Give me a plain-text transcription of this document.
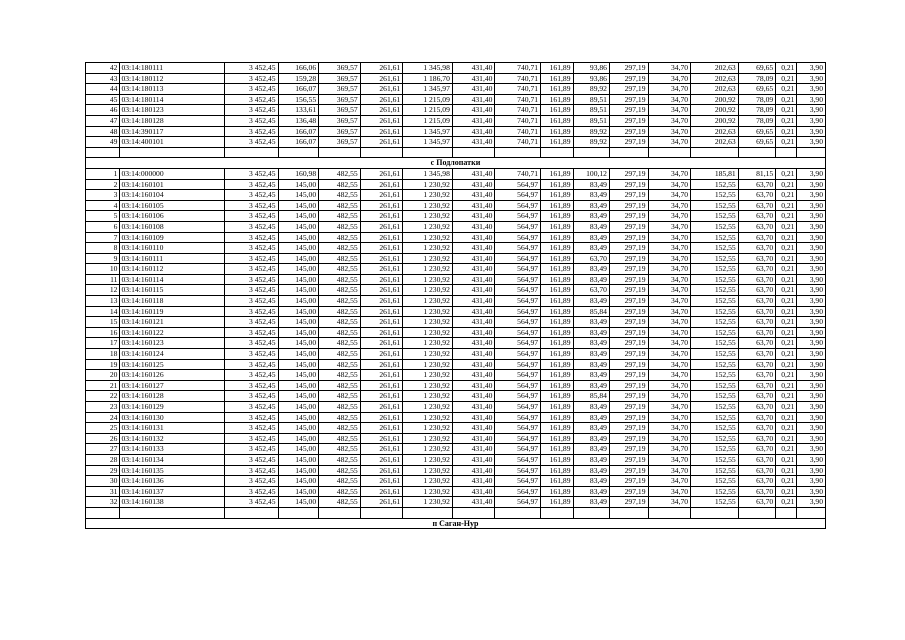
42	03:14:180111	3 452,45	166,06	369,57	261,61	1 345,98	431,40	740,71	161,89	93,86	297,19	34,70	202,63	69,65	0,21	3,90
43	03:14:180112	3 452,45	159,28	369,57	261,61	1 186,70	431,40	740,71	161,89	93,86	297,19	34,70	202,63	78,09	0,21	3,90
44	03:14:180113	3 452,45	166,07	369,57	261,61	1 345,97	431,40	740,71	161,89	89,92	297,19	34,70	202,63	69,65	0,21	3,90
45	03:14:180114	3 452,45	156,55	369,57	261,61	1 215,09	431,40	740,71	161,89	89,51	297,19	34,70	200,92	78,09	0,21	3,90
46	03:14:180123	3 452,45	133,61	369,57	261,61	1 215,09	431,40	740,71	161,89	89,51	297,19	34,70	200,92	78,09	0,21	3,90
47	03:14:180128	3 452,45	136,48	369,57	261,61	1 215,09	431,40	740,71	161,89	89,51	297,19	34,70	200,92	78,09	0,21	3,90
48	03:14:390117	3 452,45	166,07	369,57	261,61	1 345,97	431,40	740,71	161,89	89,92	297,19	34,70	202,63	69,65	0,21	3,90
49	03:14:400101	3 452,45	166,07	369,57	261,61	1 345,97	431,40	740,71	161,89	89,92	297,19	34,70	202,63	69,65	0,21	3,90

с Подлопатки																
1	03:14:000000	3 452,45	160,98	482,55	261,61	1 345,98	431,40	740,71	161,89	100,12	297,19	34,70	185,81	81,15	0,21	3,90
2	03:14:160101	3 452,45	145,00	482,55	261,61	1 230,92	431,40	564,97	161,89	83,49	297,19	34,70	152,55	63,70	0,21	3,90
3	03:14:160104	3 452,45	145,00	482,55	261,61	1 230,92	431,40	564,97	161,89	83,49	297,19	34,70	152,55	63,70	0,21	3,90
4	03:14:160105	3 452,45	145,00	482,55	261,61	1 230,92	431,40	564,97	161,89	83,49	297,19	34,70	152,55	63,70	0,21	3,90
5	03:14:160106	3 452,45	145,00	482,55	261,61	1 230,92	431,40	564,97	161,89	83,49	297,19	34,70	152,55	63,70	0,21	3,90
6	03:14:160108	3 452,45	145,00	482,55	261,61	1 230,92	431,40	564,97	161,89	83,49	297,19	34,70	152,55	63,70	0,21	3,90
7	03:14:160109	3 452,45	145,00	482,55	261,61	1 230,92	431,40	564,97	161,89	83,49	297,19	34,70	152,55	63,70	0,21	3,90
8	03:14:160110	3 452,45	145,00	482,55	261,61	1 230,92	431,40	564,97	161,89	83,49	297,19	34,70	152,55	63,70	0,21	3,90
9	03:14:160111	3 452,45	145,00	482,55	261,61	1 230,92	431,40	564,97	161,89	63,70	297,19	34,70	152,55	63,70	0,21	3,90
10	03:14:160112	3 452,45	145,00	482,55	261,61	1 230,92	431,40	564,97	161,89	83,49	297,19	34,70	152,55	63,70	0,21	3,90
11	03:14:160114	3 452,45	145,00	482,55	261,61	1 230,92	431,40	564,97	161,89	83,49	297,19	34,70	152,55	63,70	0,21	3,90
12	03:14:160115	3 452,45	145,00	482,55	261,61	1 230,92	431,40	564,97	161,89	63,70	297,19	34,70	152,55	63,70	0,21	3,90
13	03:14:160118	3 452,45	145,00	482,55	261,61	1 230,92	431,40	564,97	161,89	83,49	297,19	34,70	152,55	63,70	0,21	3,90
14	03:14:160119	3 452,45	145,00	482,55	261,61	1 230,92	431,40	564,97	161,89	85,84	297,19	34,70	152,55	63,70	0,21	3,90
15	03:14:160121	3 452,45	145,00	482,55	261,61	1 230,92	431,40	564,97	161,89	83,49	297,19	34,70	152,55	63,70	0,21	3,90
16	03:14:160122	3 452,45	145,00	482,55	261,61	1 230,92	431,40	564,97	161,89	83,49	297,19	34,70	152,55	63,70	0,21	3,90
17	03:14:160123	3 452,45	145,00	482,55	261,61	1 230,92	431,40	564,97	161,89	83,49	297,19	34,70	152,55	63,70	0,21	3,90
18	03:14:160124	3 452,45	145,00	482,55	261,61	1 230,92	431,40	564,97	161,89	83,49	297,19	34,70	152,55	63,70	0,21	3,90
19	03:14:160125	3 452,45	145,00	482,55	261,61	1 230,92	431,40	564,97	161,89	83,49	297,19	34,70	152,55	63,70	0,21	3,90
20	03:14:160126	3 452,45	145,00	482,55	261,61	1 230,92	431,40	564,97	161,89	83,49	297,19	34,70	152,55	63,70	0,21	3,90
21	03:14:160127	3 452,45	145,00	482,55	261,61	1 230,92	431,40	564,97	161,89	83,49	297,19	34,70	152,55	63,70	0,21	3,90
22	03:14:160128	3 452,45	145,00	482,55	261,61	1 230,92	431,40	564,97	161,89	85,84	297,19	34,70	152,55	63,70	0,21	3,90
23	03:14:160129	3 452,45	145,00	482,55	261,61	1 230,92	431,40	564,97	161,89	83,49	297,19	34,70	152,55	63,70	0,21	3,90
24	03:14:160130	3 452,45	145,00	482,55	261,61	1 230,92	431,40	564,97	161,89	83,49	297,19	34,70	152,55	63,70	0,21	3,90
25	03:14:160131	3 452,45	145,00	482,55	261,61	1 230,92	431,40	564,97	161,89	83,49	297,19	34,70	152,55	63,70	0,21	3,90
26	03:14:160132	3 452,45	145,00	482,55	261,61	1 230,92	431,40	564,97	161,89	83,49	297,19	34,70	152,55	63,70	0,21	3,90
27	03:14:160133	3 452,45	145,00	482,55	261,61	1 230,92	431,40	564,97	161,89	83,49	297,19	34,70	152,55	63,70	0,21	3,90
28	03:14:160134	3 452,45	145,00	482,55	261,61	1 230,92	431,40	564,97	161,89	83,49	297,19	34,70	152,55	63,70	0,21	3,90
29	03:14:160135	3 452,45	145,00	482,55	261,61	1 230,92	431,40	564,97	161,89	83,49	297,19	34,70	152,55	63,70	0,21	3,90
30	03:14:160136	3 452,45	145,00	482,55	261,61	1 230,92	431,40	564,97	161,89	83,49	297,19	34,70	152,55	63,70	0,21	3,90
31	03:14:160137	3 452,45	145,00	482,55	261,61	1 230,92	431,40	564,97	161,89	83,49	297,19	34,70	152,55	63,70	0,21	3,90
32	03:14:160138	3 452,45	145,00	482,55	261,61	1 230,92	431,40	564,97	161,89	83,49	297,19	34,70	152,55	63,70	0,21	3,90

п Саган-Нур																
